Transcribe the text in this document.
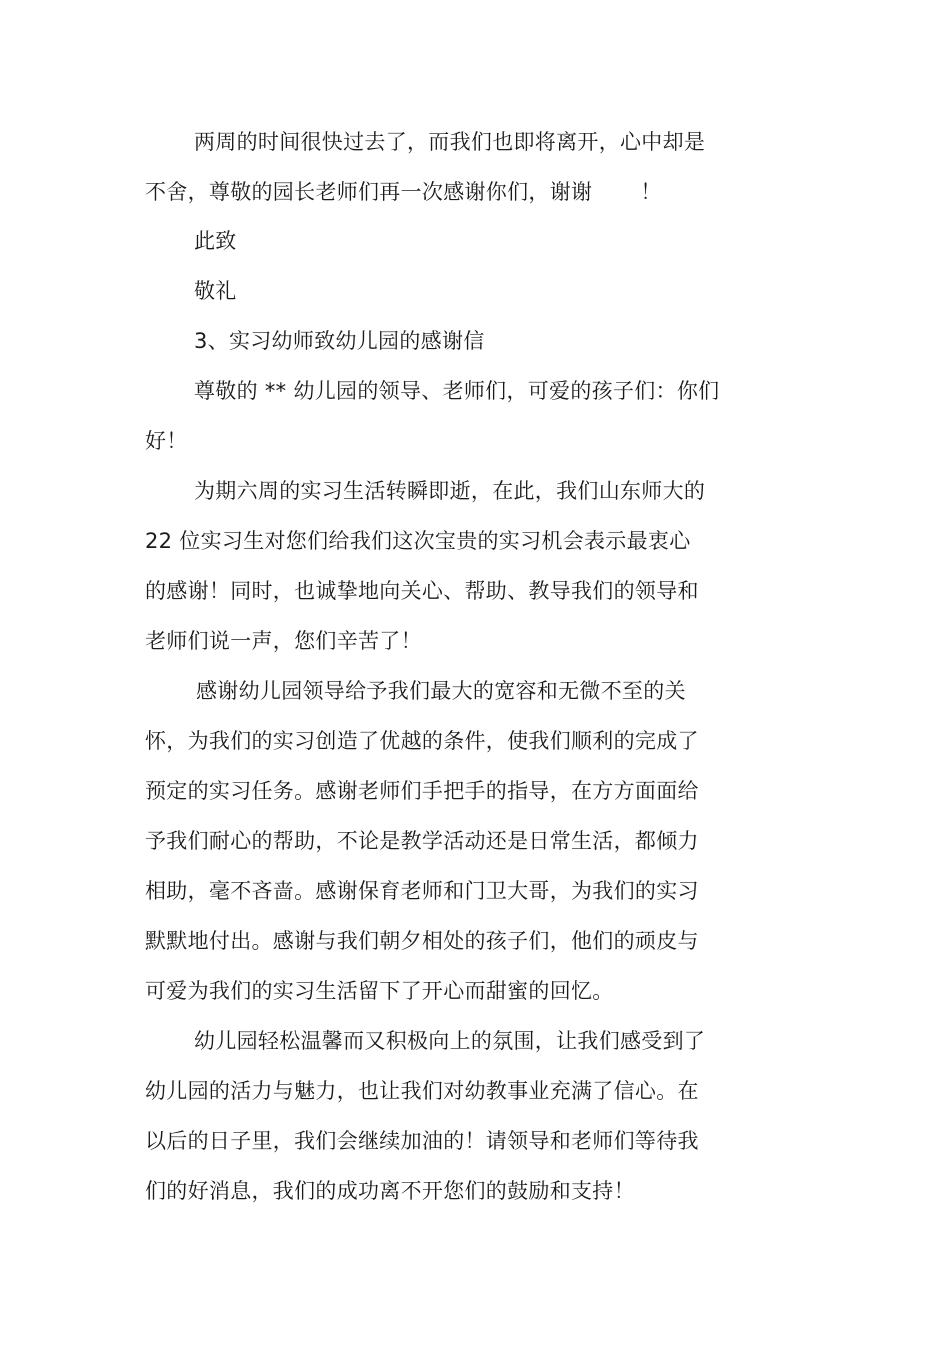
两周的时间很快过去了，而我们也即将离开，心中却是
不舍，尊敬的园长老师们再一次感谢你们，谢谢 ！
此致
敬礼
3、实习幼师致幼儿园的感谢信
尊敬的 ** 幼儿园的领导、老师们，可爱的孩子们：你们
好！
为期六周的实习生活转瞬即逝，在此，我们山东师大的
22 位实习生对您们给我们这次宝贵的实习机会表示最衷心
的感谢！同时，也诚挚地向关心、帮助、教导我们的领导和
老师们说一声，您们辛苦了！
感谢幼儿园领导给予我们最大的宽容和无微不至的关
怀，为我们的实习创造了优越的条件，使我们顺利的完成了
预定的实习任务。感谢老师们手把手的指导，在方方面面给
予我们耐心的帮助，不论是教学活动还是日常生活，都倾力
相助，毫不吝啬。感谢保育老师和门卫大哥，为我们的实习
默默地付出。感谢与我们朝夕相处的孩子们，他们的顽皮与
可爱为我们的实习生活留下了开心而甜蜜的回忆。
幼儿园轻松温馨而又积极向上的氛围，让我们感受到了
幼儿园的活力与魅力，也让我们对幼教事业充满了信心。在
以后的日子里，我们会继续加油的！请领导和老师们等待我
们的好消息，我们的成功离不开您们的鼓励和支持！
